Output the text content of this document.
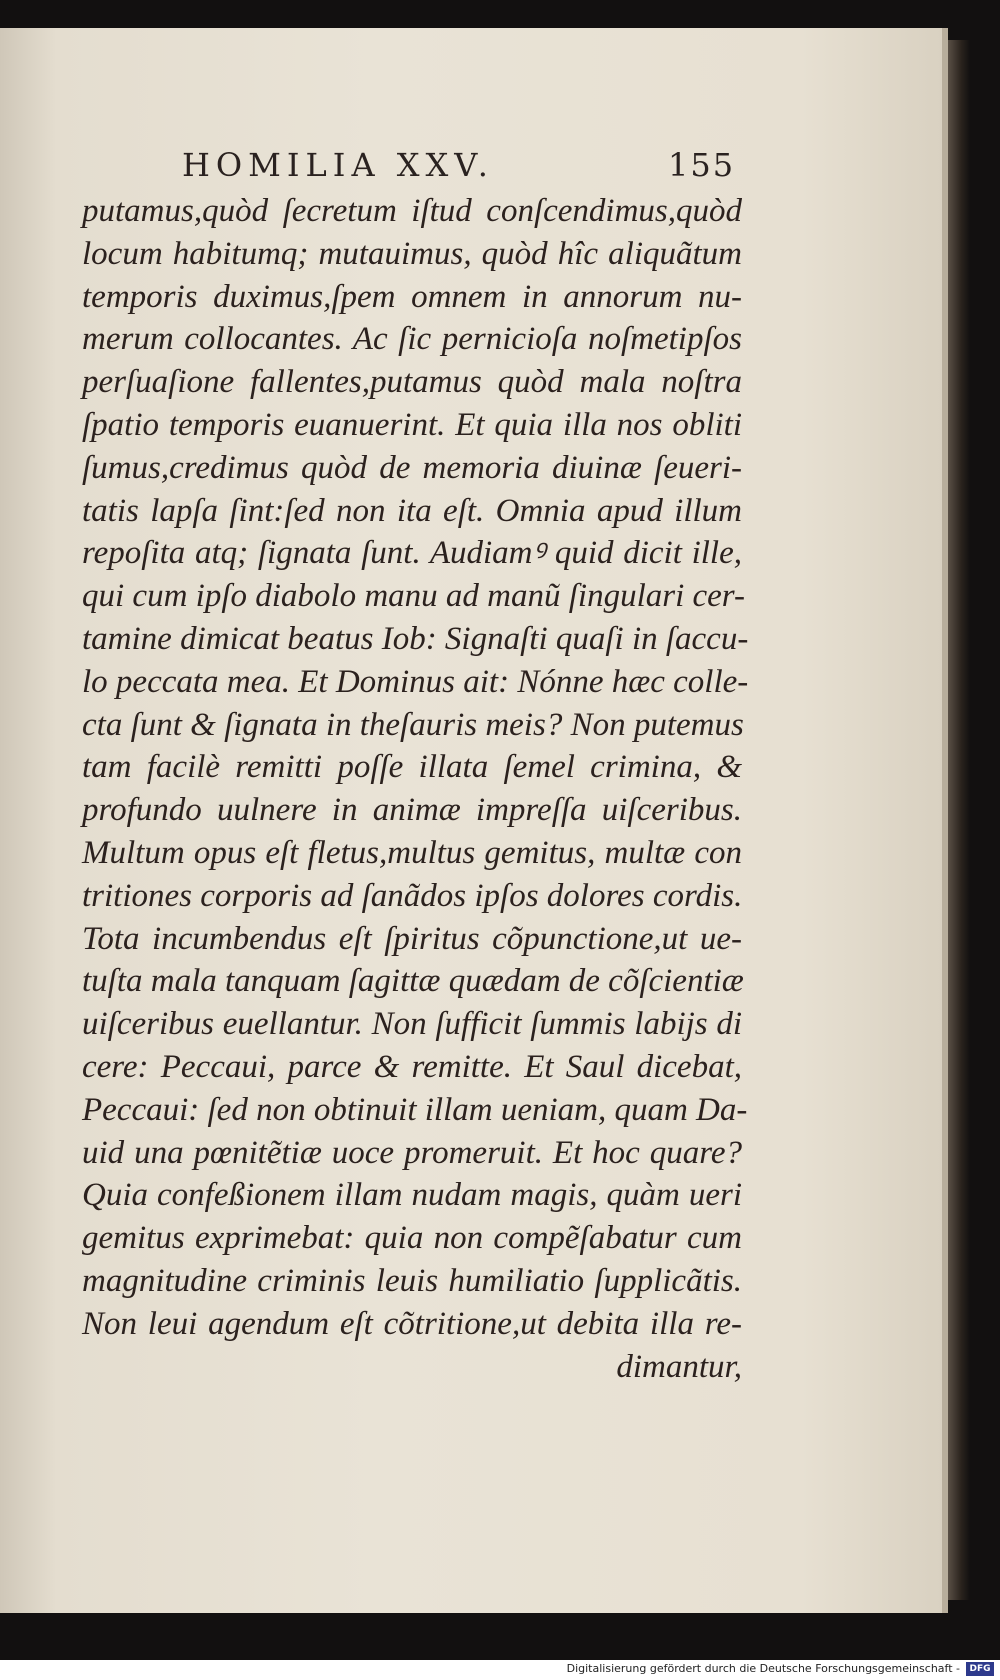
HOMILIA XXV.	155
putamus,quòd ſecretum iſtud conſcendimus,quòd
locum habitumq; mutauimus, quòd hîc aliquãtum
temporis duximus,ſpem omnem in annorum nu-
merum collocantes. Ac ſic pernicioſa noſmetipſos
perſuaſione fallentes,putamus quòd mala noſtra
ſpatio temporis euanuerint. Et quia illa nos obliti
ſumus,credimus quòd de memoria diuinæ ſeueri-
tatis lapſa ſint:ſed non ita eſt. Omnia apud illum
repoſita atq; ſignata ſunt. Audiamꝰ quid dicit ille,
qui cum ipſo diabolo manu ad manũ ſingulari cer-
tamine dimicat beatus Iob: Signaſti quaſi in ſaccu-
lo peccata mea. Et Dominus ait: Nónne hæc colle-
cta ſunt & ſignata in theſauris meis? Non putemus
tam facilè remitti poſſe illata ſemel crimina, &
profundo uulnere in animæ impreſſa uiſceribus.
Multum opus eſt fletus,multus gemitus, multæ con
tritiones corporis ad ſanãdos ipſos dolores cordis.
Tota incumbendus eſt ſpiritus cõpunctione,ut ue-
tuſta mala tanquam ſagittæ quædam de cõſcientiæ
uiſceribus euellantur. Non ſufficit ſummis labijs di
cere: Peccaui, parce & remitte. Et Saul dicebat,
Peccaui: ſed non obtinuit illam ueniam, quam Da-
uid una pœnitẽtiæ uoce promeruit. Et hoc quare?
Quia confeßionem illam nudam magis, quàm ueri
gemitus exprimebat: quia non compẽſabatur cum
magnitudine criminis leuis humiliatio ſupplicãtis.
Non leui agendum eſt cõtritione,ut debita illa re-
dimantur,
Digitalisierung gefördert durch die Deutsche Forschungsgemeinschaft -	DFG
